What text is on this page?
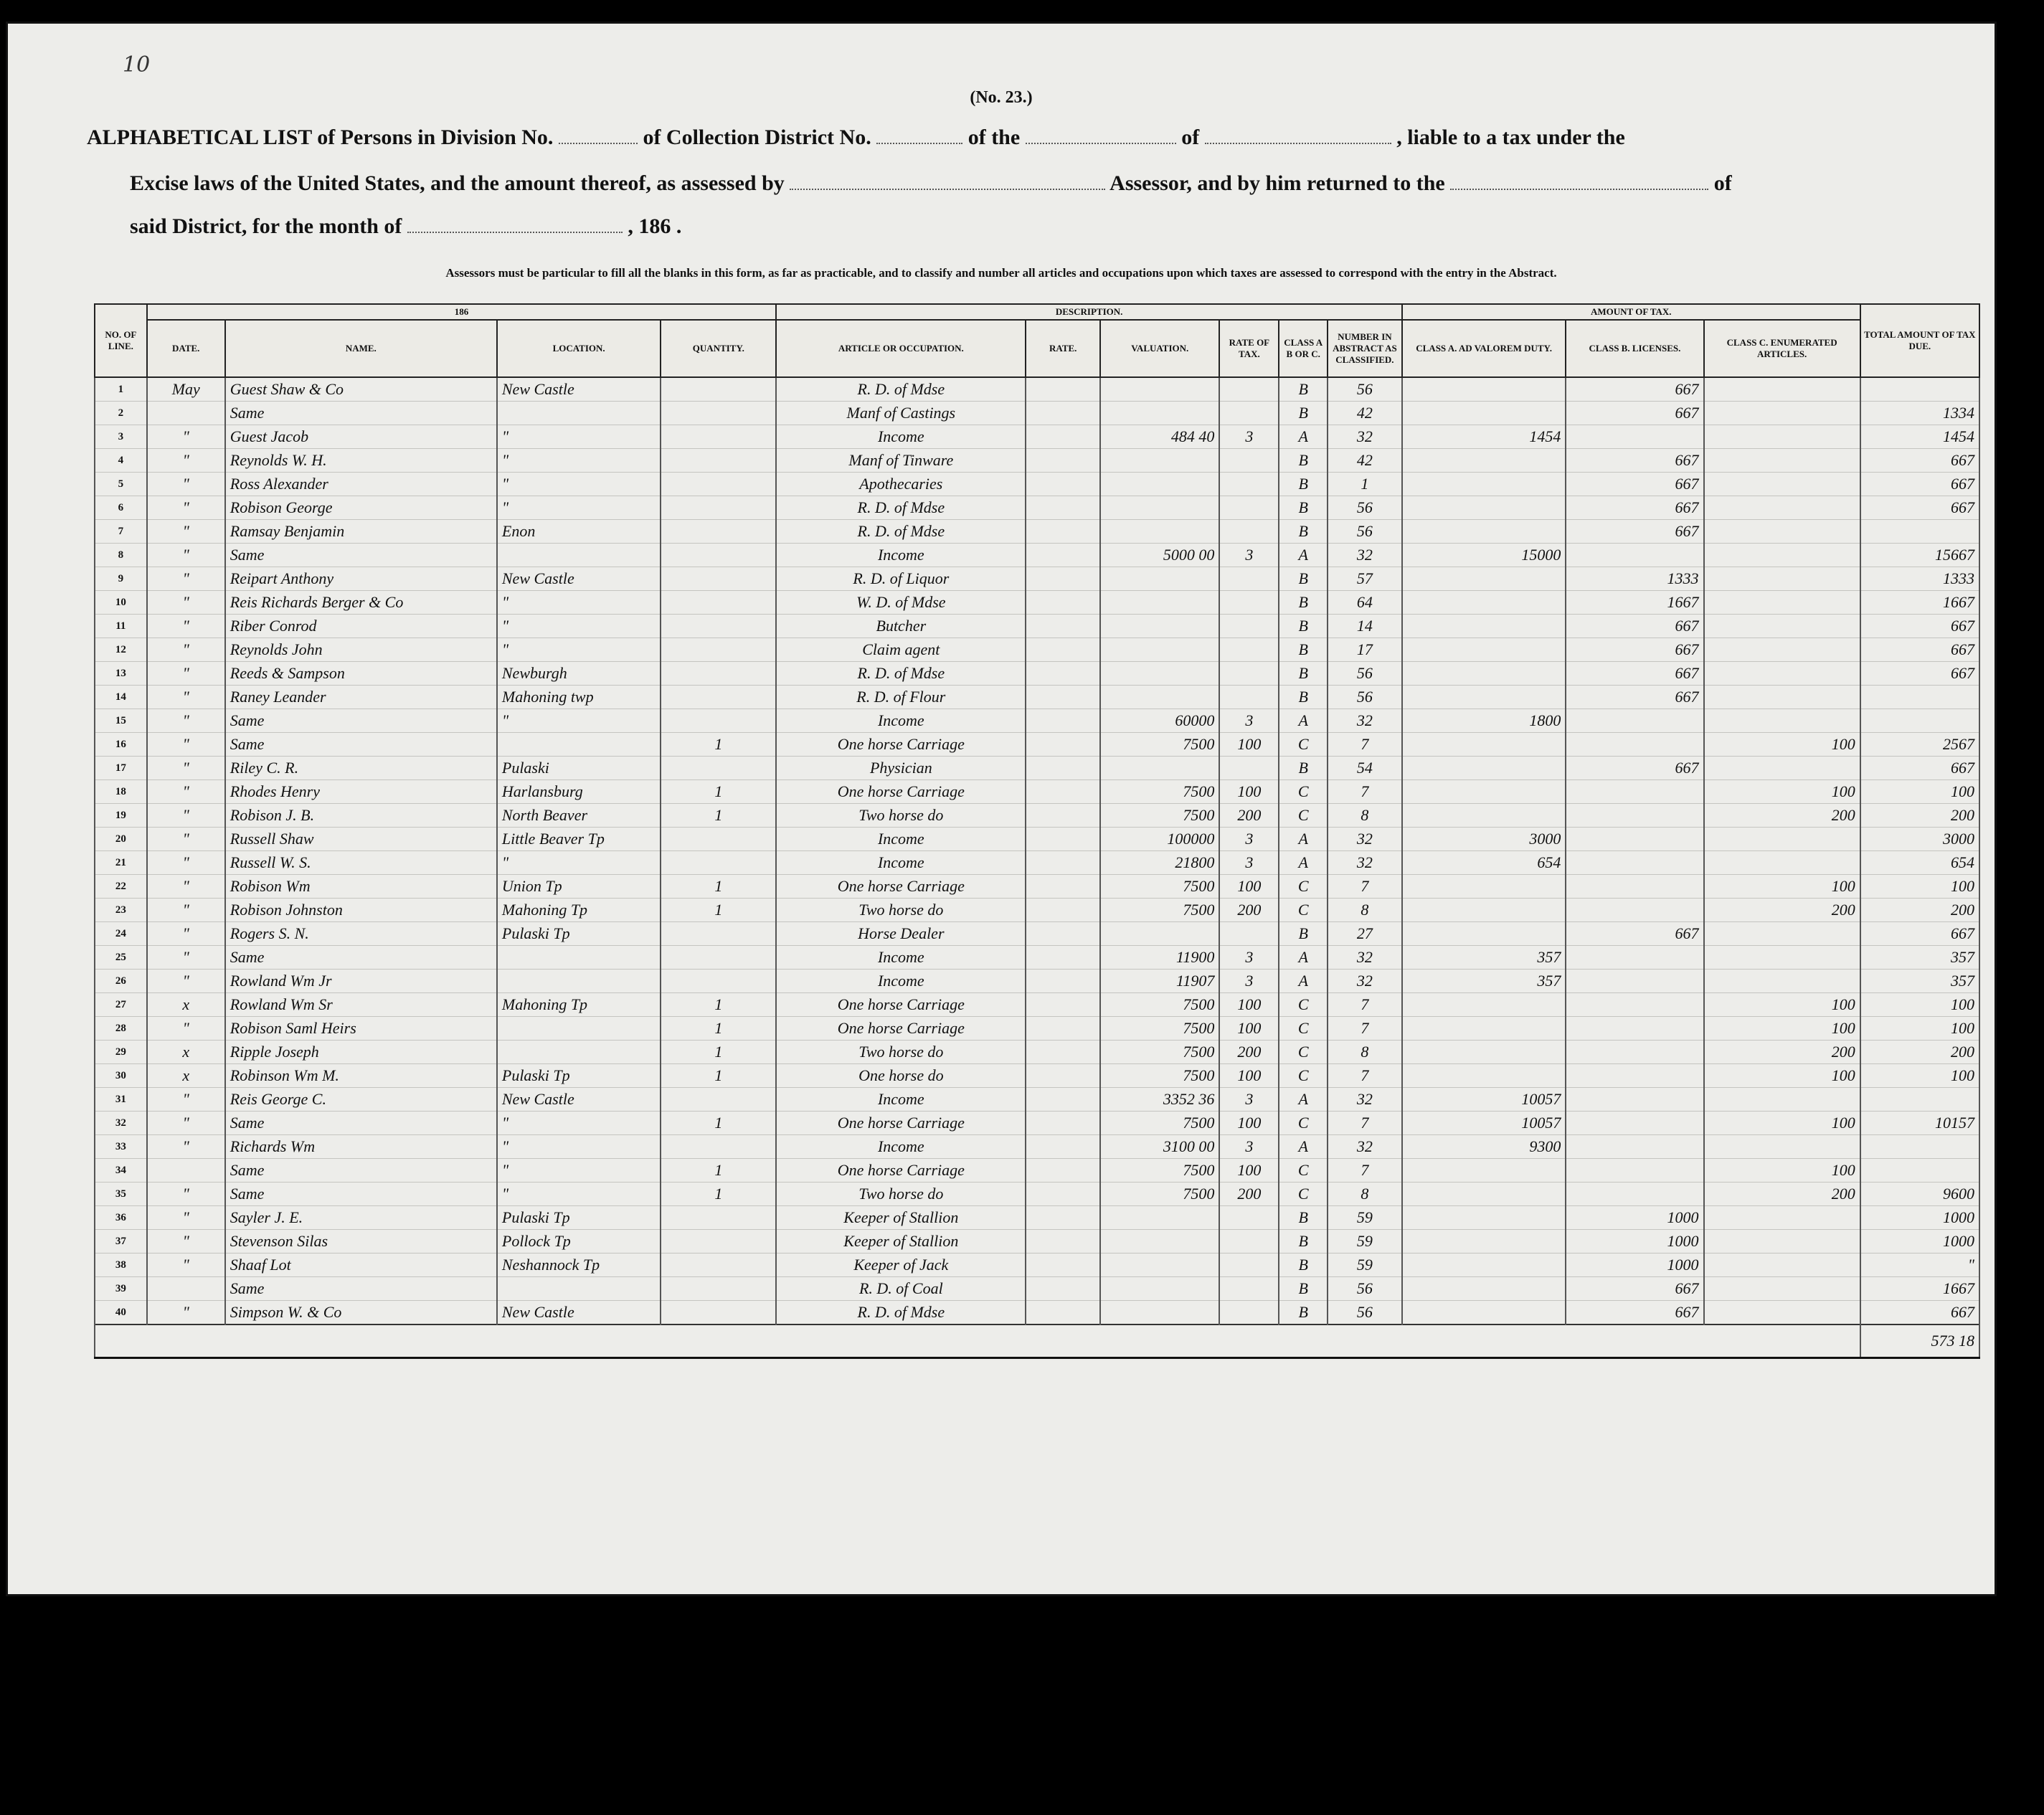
10
(No. 23.)
ALPHABETICAL LIST of Persons in Division No.	of Collection District No.	of the	of	, liable to a tax under the
Excise laws of the United States, and the amount thereof, as assessed by	Assessor, and by him returned to the	of
said District, for the month of	, 186 .
Assessors must be particular to fill all the blanks in this form, as far as practicable, and to classify and number all articles and occupations upon which taxes are assessed to correspond with the entry in the Abstract.
NO. OF LINE.	186				DESCRIPTION.						AMOUNT OF TAX.			TOTAL AMOUNT OF TAX DUE.
	DATE.	NAME.	LOCATION.	QUANTITY.	ARTICLE OR OCCUPATION.	RATE.	VALUATION.	RATE OF TAX.	CLASS A B OR C.	NUMBER IN ABSTRACT AS CLASSIFIED.	CLASS A. AD VALOREM DUTY.	CLASS B. LICENSES.	CLASS C. ENUMERATED ARTICLES.	
1	May	Guest Shaw & Co	New Castle		R. D. of Mdse				B	56		667		
2		Same			Manf of Castings				B	42		667		1334
3	"	Guest Jacob	"		Income		484 40	3	A	32	1454			1454
4	"	Reynolds W. H.	"		Manf of Tinware				B	42		667		667
5	"	Ross Alexander	"		Apothecaries				B	1		667		667
6	"	Robison George	"		R. D. of Mdse				B	56		667		667
7	"	Ramsay Benjamin	Enon		R. D. of Mdse				B	56		667		
8	"	Same			Income		5000 00	3	A	32	15000			15667
9	"	Reipart Anthony	New Castle		R. D. of Liquor				B	57		1333		1333
10	"	Reis Richards Berger & Co	"		W. D. of Mdse				B	64		1667		1667
11	"	Riber Conrod	"		Butcher				B	14		667		667
12	"	Reynolds John	"		Claim agent				B	17		667		667
13	"	Reeds & Sampson	Newburgh		R. D. of Mdse				B	56		667		667
14	"	Raney Leander	Mahoning twp		R. D. of Flour				B	56		667		
15	"	Same	"		Income		60000	3	A	32	1800			
16	"	Same		1	One horse Carriage		7500	100	C	7			100	2567
17	"	Riley C. R.	Pulaski		Physician				B	54		667		667
18	"	Rhodes Henry	Harlansburg	1	One horse Carriage		7500	100	C	7			100	100
19	"	Robison J. B.	North Beaver	1	Two horse do		7500	200	C	8			200	200
20	"	Russell Shaw	Little Beaver Tp		Income		100000	3	A	32	3000			3000
21	"	Russell W. S.	"		Income		21800	3	A	32	654			654
22	"	Robison Wm	Union Tp	1	One horse Carriage		7500	100	C	7			100	100
23	"	Robison Johnston	Mahoning Tp	1	Two horse do		7500	200	C	8			200	200
24	"	Rogers S. N.	Pulaski Tp		Horse Dealer				B	27		667		667
25	"	Same			Income		11900	3	A	32	357			357
26	"	Rowland Wm Jr			Income		11907	3	A	32	357			357
27	x	Rowland Wm Sr	Mahoning Tp	1	One horse Carriage		7500	100	C	7			100	100
28	"	Robison Saml Heirs		1	One horse Carriage		7500	100	C	7			100	100
29	x	Ripple Joseph		1	Two horse do		7500	200	C	8			200	200
30	x	Robinson Wm M.	Pulaski Tp	1	One horse do		7500	100	C	7			100	100
31	"	Reis George C.	New Castle		Income		3352 36	3	A	32	10057			
32	"	Same	"	1	One horse Carriage		7500	100	C	7	10057		100	10157
33	"	Richards Wm	"		Income		3100 00	3	A	32	9300			
34		Same	"	1	One horse Carriage		7500	100	C	7			100	
35	"	Same	"	1	Two horse do		7500	200	C	8			200	9600
36	"	Sayler J. E.	Pulaski Tp		Keeper of Stallion				B	59		1000		1000
37	"	Stevenson Silas	Pollock Tp		Keeper of Stallion				B	59		1000		1000
38	"	Shaaf Lot	Neshannock Tp		Keeper of Jack				B	59		1000		"
39		Same			R. D. of Coal				B	56		667		1667
40	"	Simpson W. & Co	New Castle		R. D. of Mdse				B	56		667		667
														573 18
